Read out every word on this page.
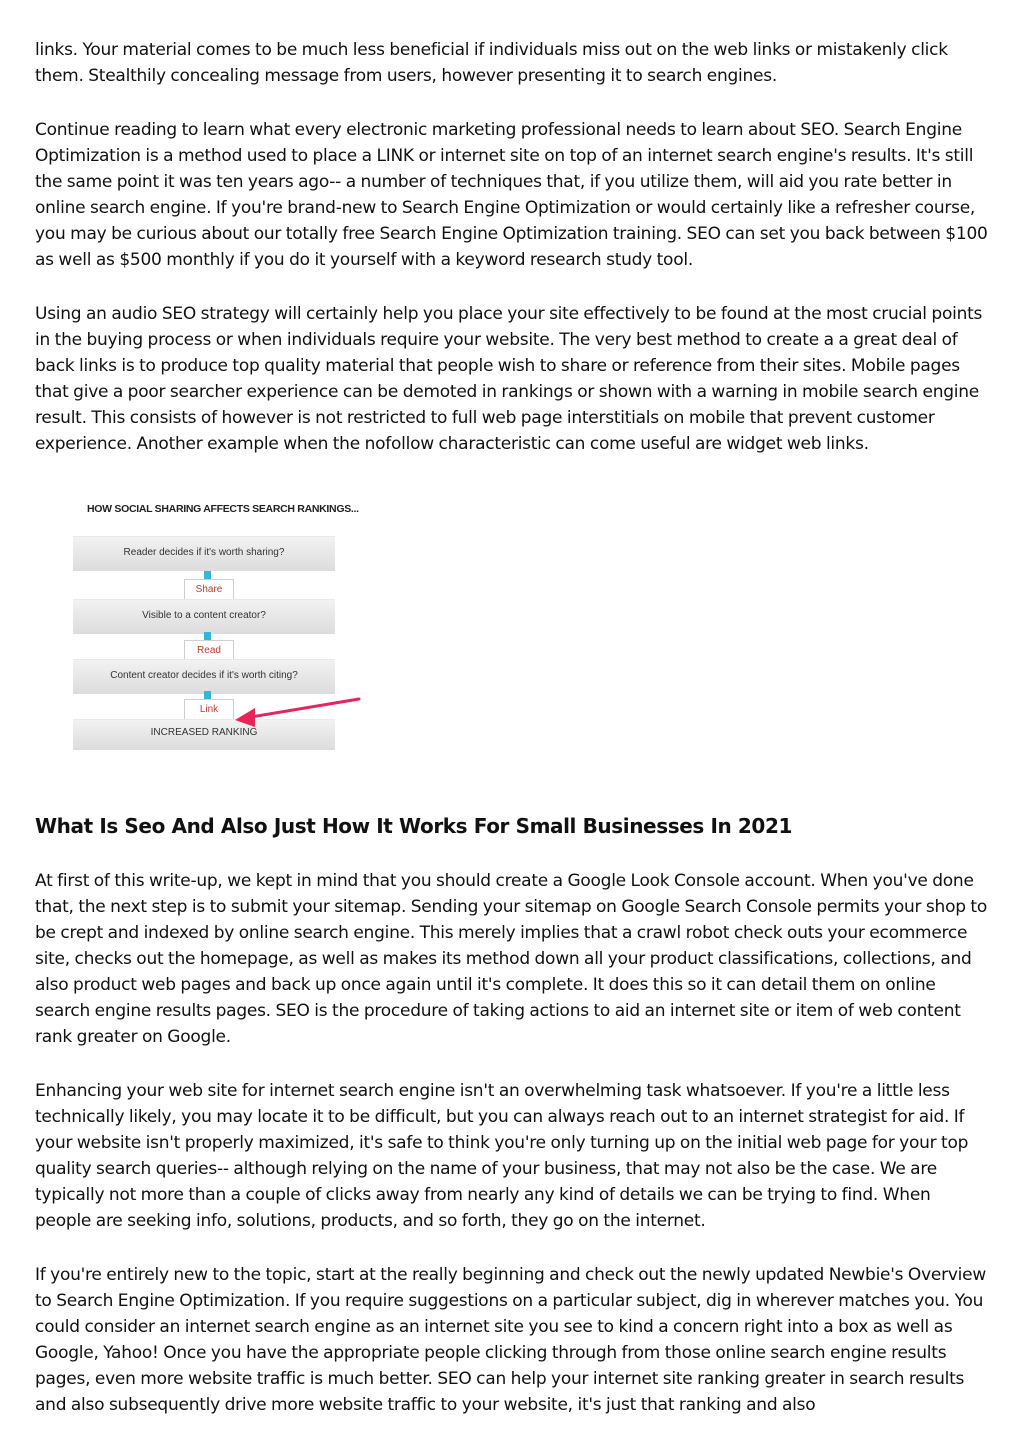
links. Your material comes to be much less beneficial if individuals miss out on the web links or mistakenly click them. Stealthily concealing message from users, however presenting it to search engines.

Continue reading to learn what every electronic marketing professional needs to learn about SEO. Search Engine Optimization is a method used to place a LINK or internet site on top of an internet search engine's results. It's still the same point it was ten years ago-- a number of techniques that, if you utilize them, will aid you rate better in online search engine. If you're brand-new to Search Engine Optimization or would certainly like a refresher course, you may be curious about our totally free Search Engine Optimization training. SEO can set you back between $100 as well as $500 monthly if you do it yourself with a keyword research study tool.

Using an audio SEO strategy will certainly help you place your site effectively to be found at the most crucial points in the buying process or when individuals require your website. The very best method to create a a great deal of back links is to produce top quality material that people wish to share or reference from their sites. Mobile pages that give a poor searcher experience can be demoted in rankings or shown with a warning in mobile search engine result. This consists of however is not restricted to full web page interstitials on mobile that prevent customer experience. Another example when the nofollow characteristic can come useful are widget web links.

HOW SOCIAL SHARING AFFECTS SEARCH RANKINGS...
Reader decides if it's worth sharing?
Share
Visible to a content creator?
Read
Content creator decides if it's worth citing?
Link
INCREASED RANKING
What Is Seo And Also Just How It Works For Small Businesses In 2021

At first of this write-up, we kept in mind that you should create a Google Look Console account. When you've done that, the next step is to submit your sitemap. Sending your sitemap on Google Search Console permits your shop to be crept and indexed by online search engine. This merely implies that a crawl robot check outs your ecommerce site, checks out the homepage, as well as makes its method down all your product classifications, collections, and also product web pages and back up once again until it's complete. It does this so it can detail them on online search engine results pages. SEO is the procedure of taking actions to aid an internet site or item of web content rank greater on Google.

Enhancing your web site for internet search engine isn't an overwhelming task whatsoever. If you're a little less technically likely, you may locate it to be difficult, but you can always reach out to an internet strategist for aid. If your website isn't properly maximized, it's safe to think you're only turning up on the initial web page for your top quality search queries-- although relying on the name of your business, that may not also be the case. We are typically not more than a couple of clicks away from nearly any kind of details we can be trying to find. When people are seeking info, solutions, products, and so forth, they go on the internet.

If you're entirely new to the topic, start at the really beginning and check out the newly updated Newbie's Overview to Search Engine Optimization. If you require suggestions on a particular subject, dig in wherever matches you. You could consider an internet search engine as an internet site you see to kind a concern right into a box as well as Google, Yahoo! Once you have the appropriate people clicking through from those online search engine results pages, even more website traffic is much better. SEO can help your internet site ranking greater in search results and also subsequently drive more website traffic to your website, it's just that ranking and also
